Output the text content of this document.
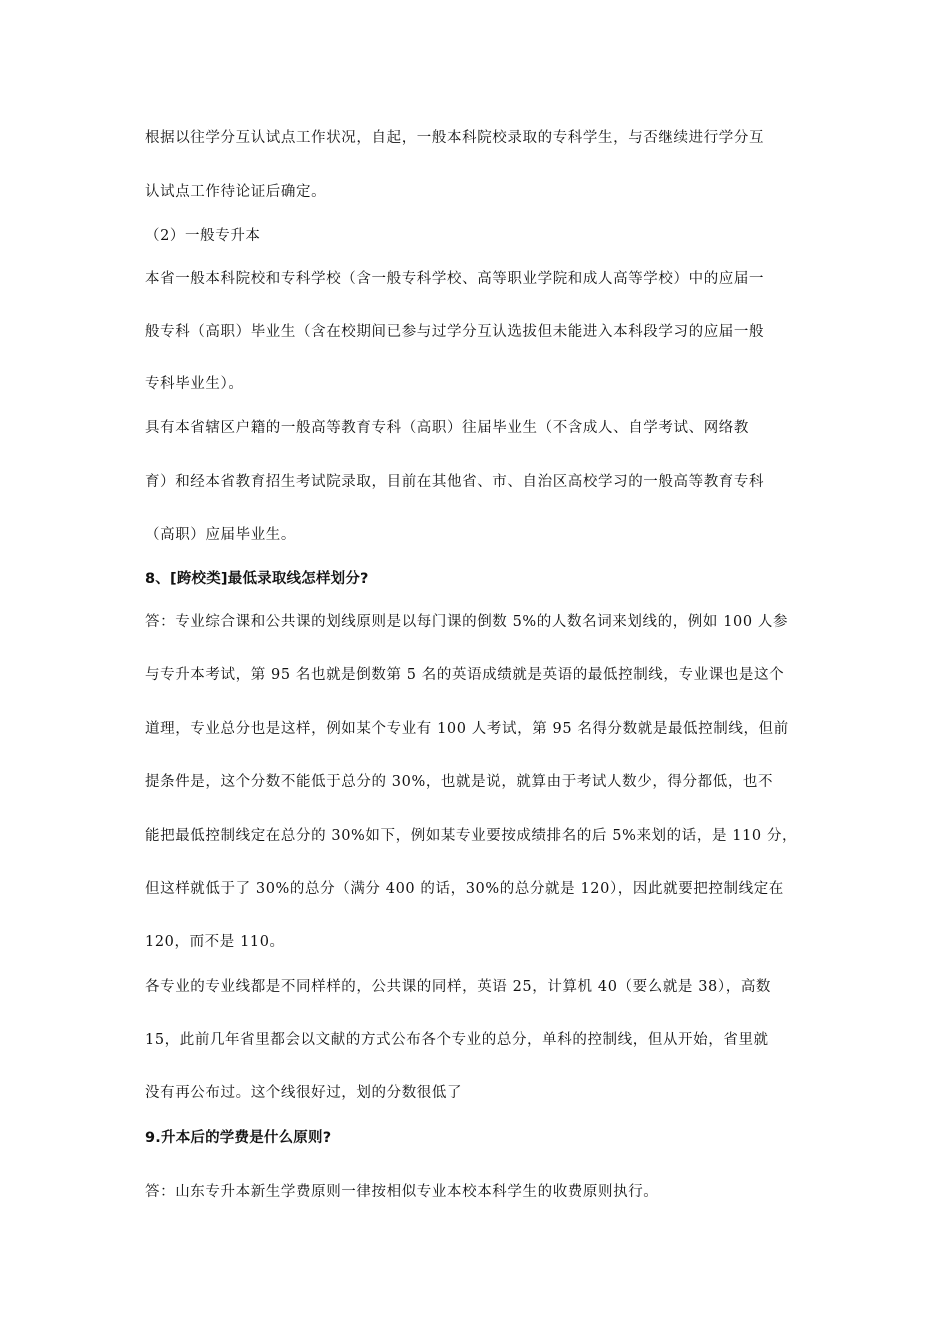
根据以往学分互认试点工作状况，自起，一般本科院校录取的专科学生，与否继续进行学分互
认试点工作待论证后确定。
（2）一般专升本
本省一般本科院校和专科学校（含一般专科学校、高等职业学院和成人高等学校）中的应届一
般专科（高职）毕业生（含在校期间已参与过学分互认选拔但未能进入本科段学习的应届一般
专科毕业生）。
具有本省辖区户籍的一般高等教育专科（高职）往届毕业生（不含成人、自学考试、网络教
育）和经本省教育招生考试院录取，目前在其他省、市、自治区高校学习的一般高等教育专科
（高职）应届毕业生。
8、[跨校类]最低录取线怎样划分?
答：专业综合课和公共课的划线原则是以每门课的倒数 5%的人数名词来划线的，例如 100 人参
与专升本考试，第 95 名也就是倒数第 5 名的英语成绩就是英语的最低控制线，专业课也是这个
道理，专业总分也是这样，例如某个专业有 100 人考试，第 95 名得分数就是最低控制线，但前
提条件是，这个分数不能低于总分的 30%，也就是说，就算由于考试人数少，得分都低，也不
能把最低控制线定在总分的 30%如下，例如某专业要按成绩排名的后 5%来划的话，是 110 分，
但这样就低于了 30%的总分（满分 400 的话，30%的总分就是 120），因此就要把控制线定在
120，而不是 110。
各专业的专业线都是不同样样的，公共课的同样，英语 25，计算机 40（要么就是 38），高数
15，此前几年省里都会以文献的方式公布各个专业的总分，单科的控制线，但从开始，省里就
没有再公布过。这个线很好过，划的分数很低了
9.升本后的学费是什么原则?
答：山东专升本新生学费原则一律按相似专业本校本科学生的收费原则执行。
